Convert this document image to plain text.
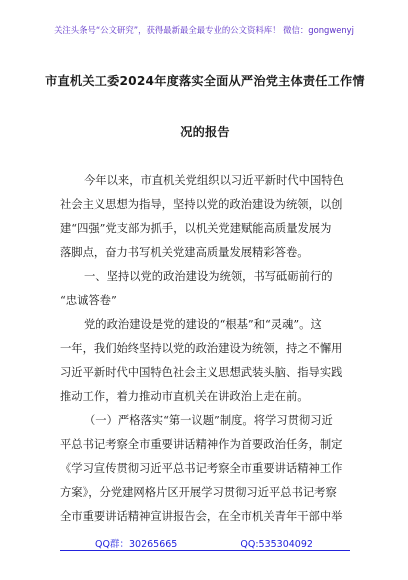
关注头条号“公文研究”，获得最新最全最专业的公文资料库！ 微信：gongwenyj
市直机关工委2024年度落实全面从严治党主体责任工作情
况的报告
今年以来，市直机关党组织以习近平新时代中国特色
社会主义思想为指导，坚持以党的政治建设为统领，以创
建“四强”党支部为抓手，以机关党建赋能高质量发展为
落脚点，奋力书写机关党建高质量发展精彩答卷。
一、坚持以党的政治建设为统领，书写砥砺前行的
“忠诚答卷”
党的政治建设是党的建设的“根基”和“灵魂”。这
一年，我们始终坚持以党的政治建设为统领，持之不懈用
习近平新时代中国特色社会主义思想武装头脑、指导实践
推动工作，着力推动市直机关在讲政治上走在前。
（一）严格落实“第一议题”制度。将学习贯彻习近
平总书记考察全市重要讲话精神作为首要政治任务，制定
《学习宣传贯彻习近平总书记考察全市重要讲话精神工作
方案》，分党建网格片区开展学习贯彻习近平总书记考察
全市重要讲话精神宣讲报告会，在全市机关青年干部中举
QQ群：30265665	QQ:535304092
